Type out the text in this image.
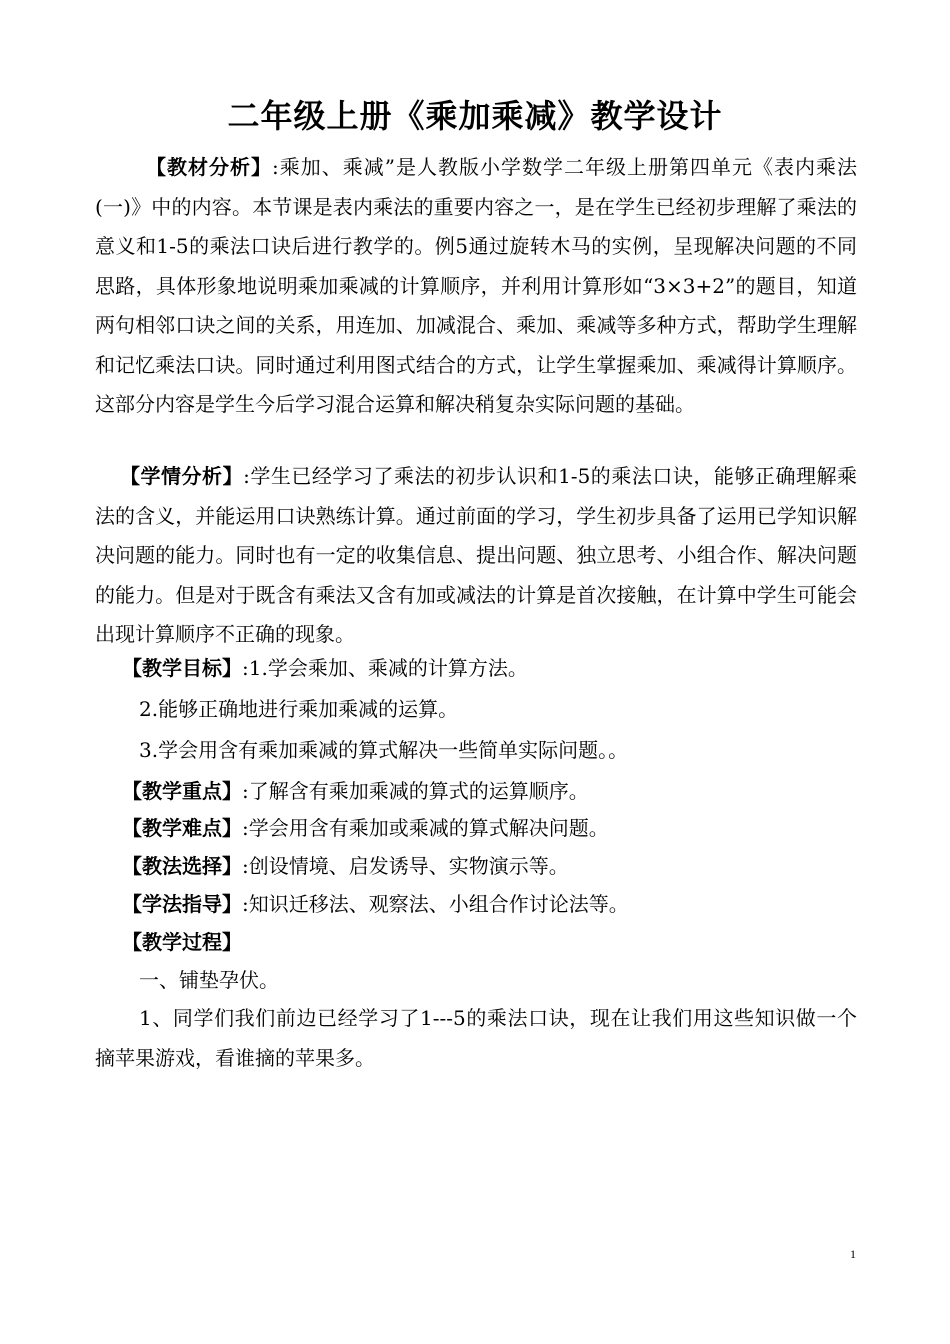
二年级上册《乘加乘减》教学设计

【教材分析】:乘加、乘减”是人教版小学数学二年级上册第四单元《表内乘法(一)》中的内容。本节课是表内乘法的重要内容之一，是在学生已经初步理解了乘法的意义和1-5的乘法口诀后进行教学的。例5通过旋转木马的实例，呈现解决问题的不同思路，具体形象地说明乘加乘减的计算顺序，并利用计算形如“3×3+2”的题目，知道两句相邻口诀之间的关系，用连加、加减混合、乘加、乘减等多种方式，帮助学生理解和记忆乘法口诀。同时通过利用图式结合的方式，让学生掌握乘加、乘减得计算顺序。这部分内容是学生今后学习混合运算和解决稍复杂实际问题的基础。

【学情分析】:学生已经学习了乘法的初步认识和1-5的乘法口诀，能够正确理解乘法的含义，并能运用口诀熟练计算。通过前面的学习，学生初步具备了运用已学知识解决问题的能力。同时也有一定的收集信息、提出问题、独立思考、小组合作、解决问题的能力。但是对于既含有乘法又含有加或减法的计算是首次接触，在计算中学生可能会出现计算顺序不正确的现象。

【教学目标】:1.学会乘加、乘减的计算方法。

2.能够正确地进行乘加乘减的运算。

3.学会用含有乘加乘减的算式解决一些简单实际问题。。

【教学重点】:了解含有乘加乘减的算式的运算顺序。

【教学难点】:学会用含有乘加或乘减的算式解决问题。

【教法选择】:创设情境、启发诱导、实物演示等。

【学法指导】:知识迁移法、观察法、小组合作讨论法等。

【教学过程】

一、铺垫孕伏。

1、同学们我们前边已经学习了1---5的乘法口诀，现在让我们用这些知识做一个摘苹果游戏，看谁摘的苹果多。

1
